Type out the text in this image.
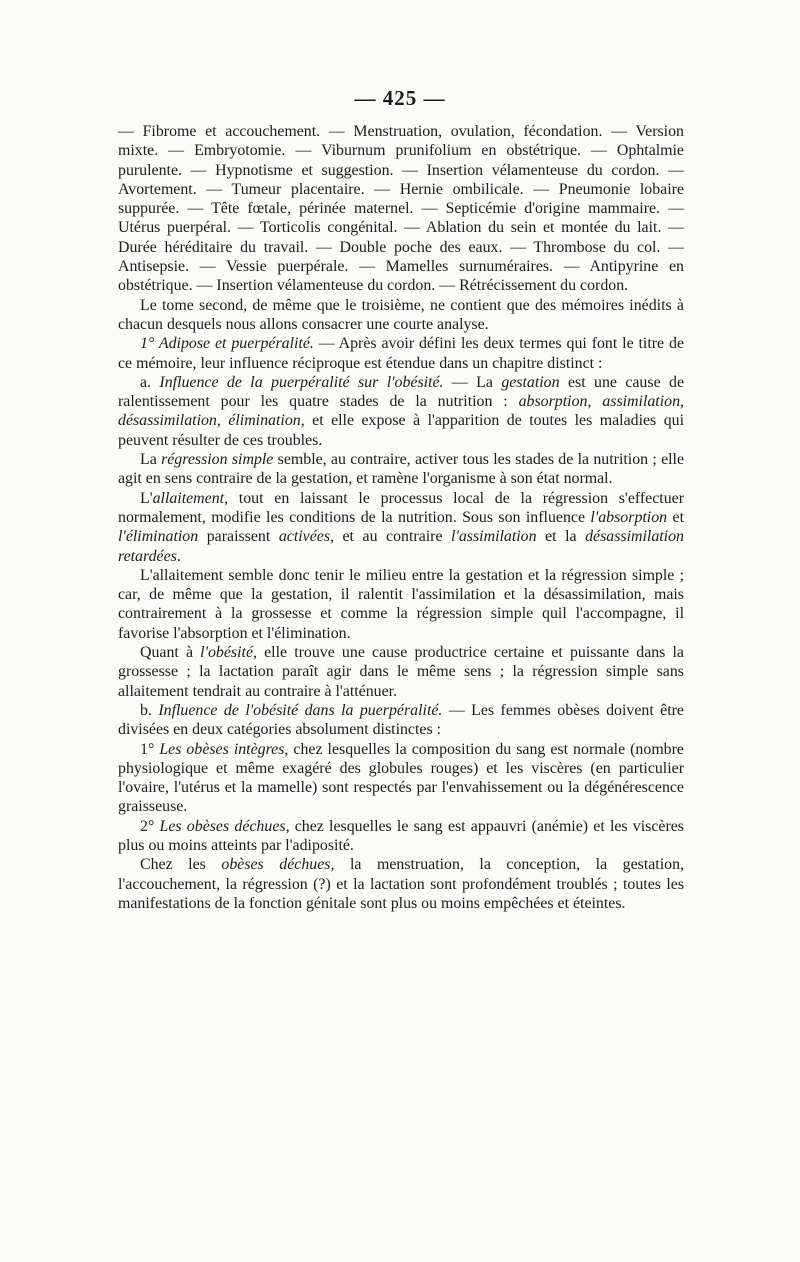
— 425 —

— Fibrome et accouchement. — Menstruation, ovulation, fécondation. — Version mixte. — Embryotomie. — Viburnum prunifolium en obstétrique. — Ophtalmie purulente. — Hypnotisme et suggestion. — Insertion vélamenteuse du cordon. — Avortement. — Tumeur placentaire. — Hernie ombilicale. — Pneumonie lobaire suppurée. — Tête fœtale, périnée maternel. — Septicémie d'origine mammaire. — Utérus puerpéral. — Torticolis congénital. — Ablation du sein et montée du lait. — Durée héréditaire du travail. — Double poche des eaux. — Thrombose du col. — Antisepsie. — Vessie puerpérale. — Mamelles surnuméraires. — Antipyrine en obstétrique. — Insertion vélamenteuse du cordon. — Rétrécissement du cordon.

Le tome second, de même que le troisième, ne contient que des mémoires inédits à chacun desquels nous allons consacrer une courte analyse.

1° Adipose et puerpéralité. — Après avoir défini les deux termes qui font le titre de ce mémoire, leur influence réciproque est étendue dans un chapitre distinct :

a. Influence de la puerpéralité sur l'obésité. — La gestation est une cause de ralentissement pour les quatre stades de la nutrition : absorption, assimilation, désassimilation, élimination, et elle expose à l'apparition de toutes les maladies qui peuvent résulter de ces troubles.

La régression simple semble, au contraire, activer tous les stades de la nutrition ; elle agit en sens contraire de la gestation, et ramène l'organisme à son état normal.

L'allaitement, tout en laissant le processus local de la régression s'effectuer normalement, modifie les conditions de la nutrition. Sous son influence l'absorption et l'élimination paraissent activées, et au contraire l'assimilation et la désassimilation retardées.

L'allaitement semble donc tenir le milieu entre la gestation et la régression simple ; car, de même que la gestation, il ralentit l'assimilation et la désassimilation, mais contrairement à la grossesse et comme la régression simple quil l'accompagne, il favorise l'absorption et l'élimination.

Quant à l'obésité, elle trouve une cause productrice certaine et puissante dans la grossesse ; la lactation paraît agir dans le même sens ; la régression simple sans allaitement tendrait au contraire à l'atténuer.

b. Influence de l'obésité dans la puerpéralité. — Les femmes obèses doivent être divisées en deux catégories absolument distinctes :

1° Les obèses intègres, chez lesquelles la composition du sang est normale (nombre physiologique et même exagéré des globules rouges) et les viscères (en particulier l'ovaire, l'utérus et la mamelle) sont respectés par l'envahissement ou la dégénérescence graisseuse.

2° Les obèses déchues, chez lesquelles le sang est appauvri (anémie) et les viscères plus ou moins atteints par l'adiposité.

Chez les obèses déchues, la menstruation, la conception, la gestation, l'accouchement, la régression (?) et la lactation sont profondément troublés ; toutes les manifestations de la fonction génitale sont plus ou moins empêchées et éteintes.
